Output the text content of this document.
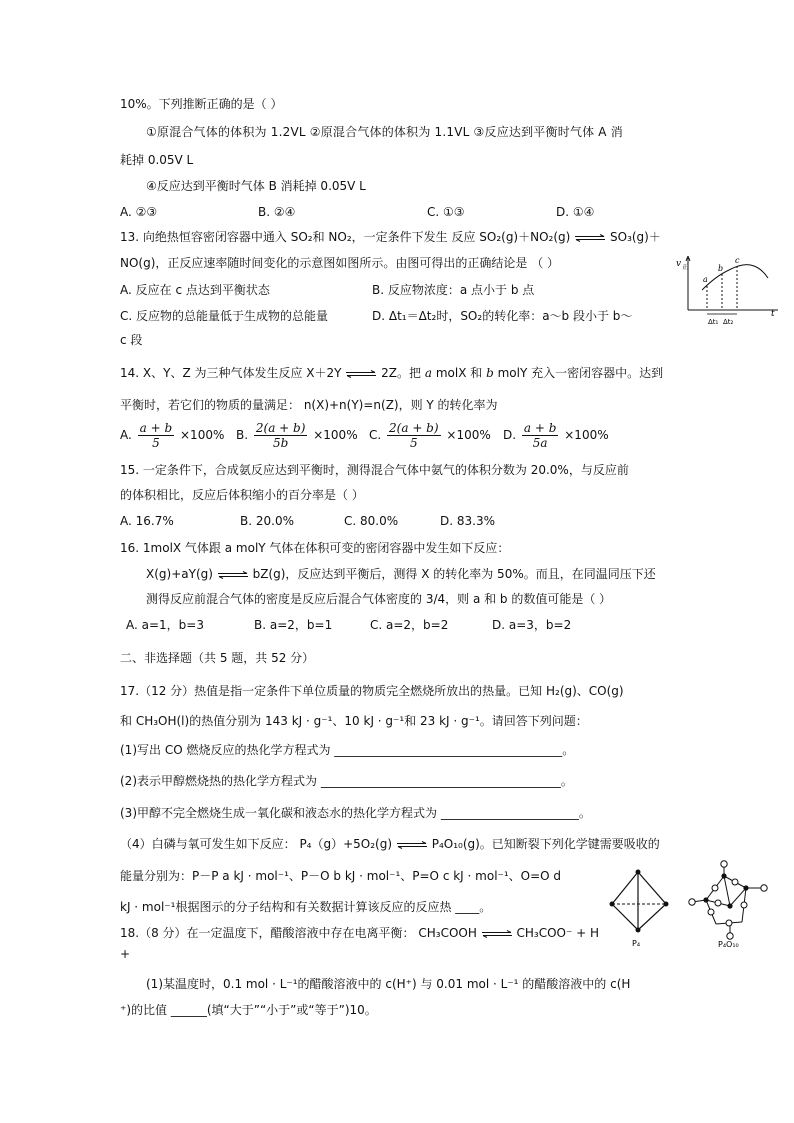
10%。下列推断正确的是（ ）
①原混合气体的体积为 1.2VL ②原混合气体的体积为 1.1VL ③反应达到平衡时气体 A 消
耗掉 0.05V L
④反应达到平衡时气体 B 消耗掉 0.05V L
A. ②③	B. ②④	C. ①③	D. ①④
13. 向绝热恒容密闭容器中通入 SO₂和 NO₂，一定条件下发生 反应 SO₂(g)＋NO₂(g) ⇌ SO₃(g)＋
NO(g)，正反应速率随时间变化的示意图如图所示。由图可得出的正确结论是 （ ）
A. 反应在 c 点达到平衡状态	B. 反应物浓度：a 点小于 b 点
C. 反应物的总能量低于生成物的总能量	D. Δt₁＝Δt₂时，SO₂的转化率：a～b 段小于 b～
c 段
v 正
t
a
b
c
Δt₁ Δt₂
14. X、Y、Z 为三种气体发生反应 X＋2Y ⇌ 2Z。把 a molX 和 b molY 充入一密闭容器中。达到
平衡时，若它们的物质的量满足： n(X)+n(Y)=n(Z)，则 Y 的转化率为
A. $\frac{a + b}{5} \times 100\%$ B. $\frac{2(a + b)}{5b} \times 100\%$ C. $\frac{2(a + b)}{5} \times 100\%$ D. $\frac{a + b}{5a} \times 100\%$
15. 一定条件下，合成氨反应达到平衡时，测得混合气体中氨气的体积分数为 20.0%，与反应前
的体积相比，反应后体积缩小的百分率是（ ）
A. 16.7%	B. 20.0%	C. 80.0%	D. 83.3%
16. 1molX 气体跟 a molY 气体在体积可变的密闭容器中发生如下反应：
X(g)+aY(g) ⇌ bZ(g)，反应达到平衡后，测得 X 的转化率为 50%。而且，在同温同压下还
测得反应前混合气体的密度是反应后混合气体密度的 3/4，则 a 和 b 的数值可能是（ ）
A. a=1，b=3	B. a=2，b=1	C. a=2，b=2	D. a=3，b=2
二、非选择题（共 5 题，共 52 分）
17.（12 分）热值是指一定条件下单位质量的物质完全燃烧所放出的热量。已知 H₂(g)、CO(g)
和 CH₃OH(l)的热值分别为 143 kJ · g⁻¹、10 kJ · g⁻¹和 23 kJ · g⁻¹。请回答下列问题：
(1)写出 CO 燃烧反应的热化学方程式为 ______________________________________。
(2)表示甲醇燃烧热的热化学方程式为 ________________________________________。
(3)甲醇不完全燃烧生成一氧化碳和液态水的热化学方程式为 _______________________。
（4）白磷与氧可发生如下反应： P₄（g）+5O₂(g) ⇌ P₄O₁₀(g)。已知断裂下列化学键需要吸收的
能量分别为：P－P a kJ · mol⁻¹、P－O b kJ · mol⁻¹、P=O c kJ · mol⁻¹、O=O d
kJ · mol⁻¹根据图示的分子结构和有关数据计算该反应的反应热 ____。
P₄	P₄O₁₀
18.（8 分）在一定温度下，醋酸溶液中存在电离平衡： CH₃COOH ⇌ CH₃COO⁻ + H
+
(1)某温度时，0.1 mol · L⁻¹的醋酸溶液中的 c(H⁺) 与 0.01 mol · L⁻¹ 的醋酸溶液中的 c(H
⁺)的比值 ______(填“大于”“小于”或“等于”)10。
